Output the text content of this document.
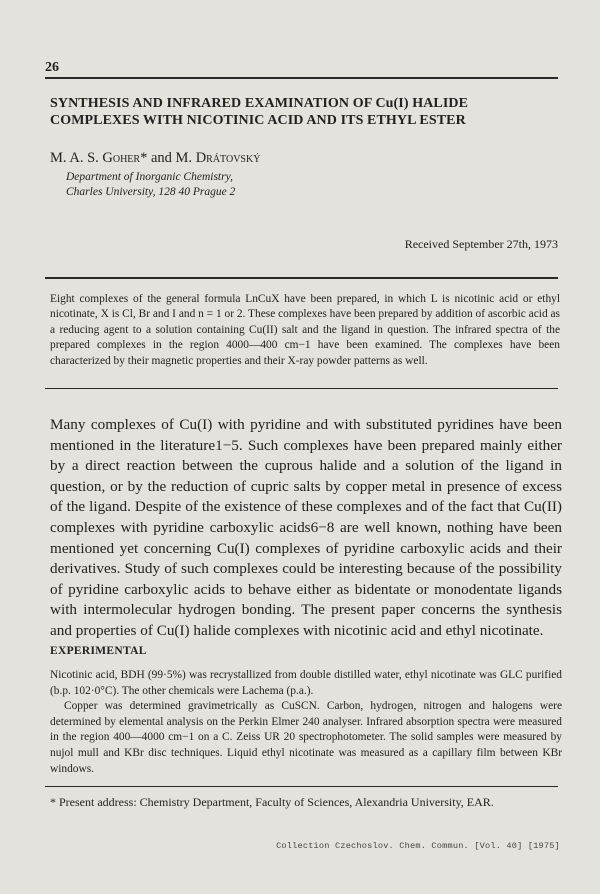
26
SYNTHESIS AND INFRARED EXAMINATION OF Cu(I) HALIDE COMPLEXES WITH NICOTINIC ACID AND ITS ETHYL ESTER
M. A. S. Goher* and M. Drátovský
Department of Inorganic Chemistry,
Charles University, 128 40 Prague 2
Received September 27th, 1973
Eight complexes of the general formula LnCuX have been prepared, in which L is nicotinic acid or ethyl nicotinate, X is Cl, Br and I and n = 1 or 2. These complexes have been prepared by addition of ascorbic acid as a reducing agent to a solution containing Cu(II) salt and the ligand in question. The infrared spectra of the prepared complexes in the region 4000—400 cm−1 have been examined. The complexes have been characterized by their magnetic properties and their X-ray powder patterns as well.
Many complexes of Cu(I) with pyridine and with substituted pyridines have been mentioned in the literature1−5. Such complexes have been prepared mainly either by a direct reaction between the cuprous halide and a solution of the ligand in question, or by the reduction of cupric salts by copper metal in presence of excess of the ligand. Despite of the existence of these complexes and of the fact that Cu(II) complexes with pyridine carboxylic acids6−8 are well known, nothing have been mentioned yet concerning Cu(I) complexes of pyridine carboxylic acids and their derivatives. Study of such complexes could be interesting because of the possibility of pyridine carboxylic acids to behave either as bidentate or monodentate ligands with intermolecular hydrogen bonding. The present paper concerns the synthesis and properties of Cu(I) halide complexes with nicotinic acid and ethyl nicotinate.
EXPERIMENTAL

Nicotinic acid, BDH (99·5%) was recrystallized from double distilled water, ethyl nicotinate was GLC purified (b.p. 102·0°C). The other chemicals were Lachema (p.a.).

Copper was determined gravimetrically as CuSCN. Carbon, hydrogen, nitrogen and halogens were determined by elemental analysis on the Perkin Elmer 240 analyser. Infrared absorption spectra were measured in the region 400—4000 cm−1 on a C. Zeiss UR 20 spectrophotometer. The solid samples were measured by nujol mull and KBr disc techniques. Liquid ethyl nicotinate was measured as a capillary film between KBr windows.

* Present address: Chemistry Department, Faculty of Sciences, Alexandria University, EAR.
Collection Czechoslov. Chem. Commun. [Vol. 40] [1975]
